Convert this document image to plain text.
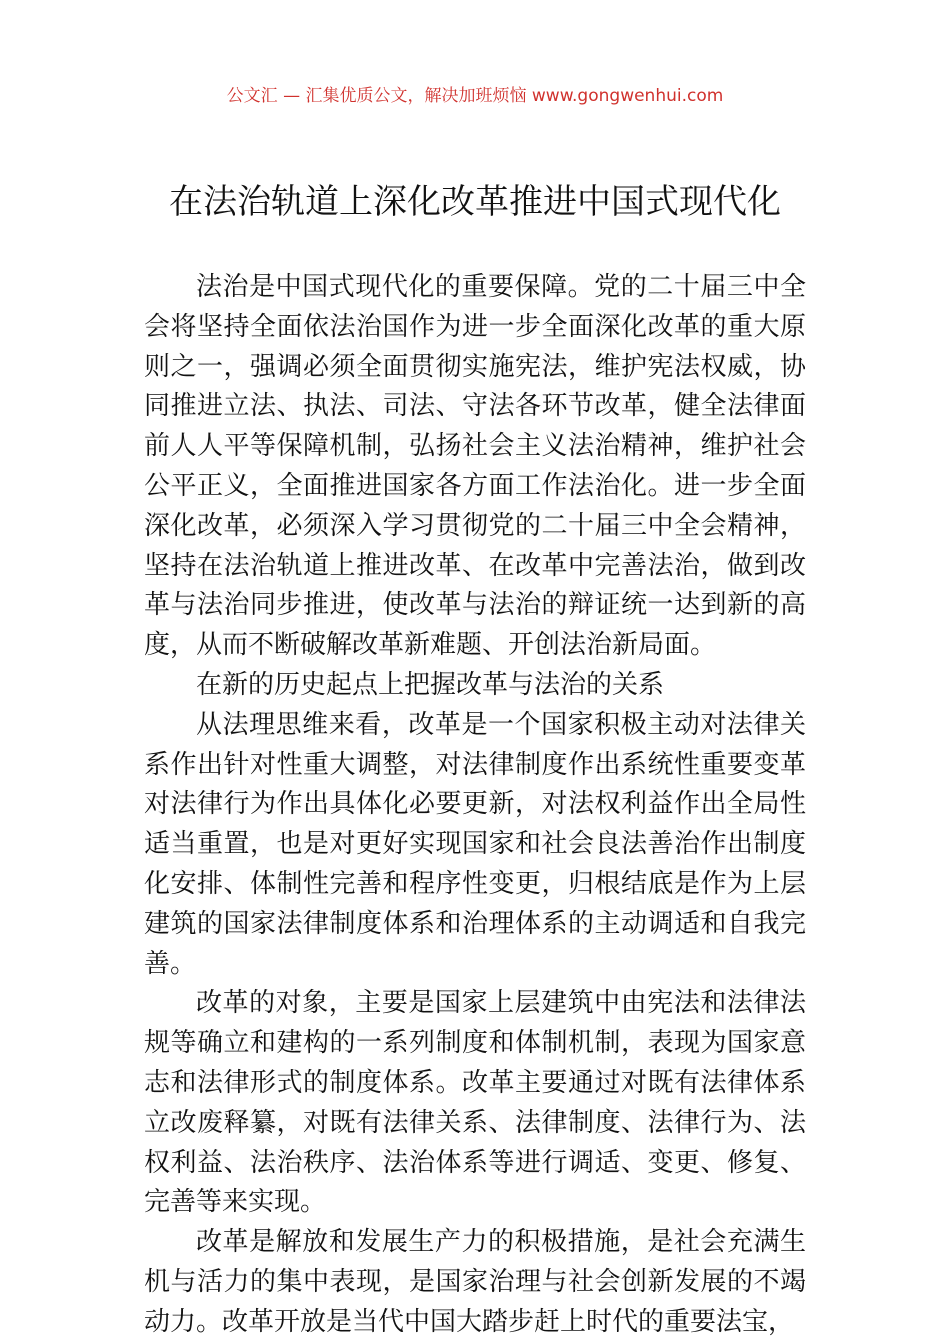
公文汇 — 汇集优质公文，解决加班烦恼 www.gongwenhui.com
在法治轨道上深化改革推进中国式现代化

法治是中国式现代化的重要保障。党的二十届三中全会将坚持全面依法治国作为进一步全面深化改革的重大原则之一，强调必须全面贯彻实施宪法，维护宪法权威，协同推进立法、执法、司法、守法各环节改革，健全法律面前人人平等保障机制，弘扬社会主义法治精神，维护社会公平正义，全面推进国家各方面工作法治化。进一步全面深化改革，必须深入学习贯彻党的二十届三中全会精神，坚持在法治轨道上推进改革、在改革中完善法治，做到改革与法治同步推进，使改革与法治的辩证统一达到新的高度，从而不断破解改革新难题、开创法治新局面。

在新的历史起点上把握改革与法治的关系

从法理思维来看，改革是一个国家积极主动对法律关系作出针对性重大调整，对法律制度作出系统性重要变革对法律行为作出具体化必要更新，对法权利益作出全局性适当重置，也是对更好实现国家和社会良法善治作出制度化安排、体制性完善和程序性变更，归根结底是作为上层建筑的国家法律制度体系和治理体系的主动调适和自我完善。

改革的对象，主要是国家上层建筑中由宪法和法律法规等确立和建构的一系列制度和体制机制，表现为国家意志和法律形式的制度体系。改革主要通过对既有法律体系立改废释纂，对既有法律关系、法律制度、法律行为、法权利益、法治秩序、法治体系等进行调适、变更、修复、完善等来实现。

改革是解放和发展生产力的积极措施，是社会充满生机与活力的集中表现，是国家治理与社会创新发展的不竭动力。改革开放是当代中国大踏步赶上时代的重要法宝，
